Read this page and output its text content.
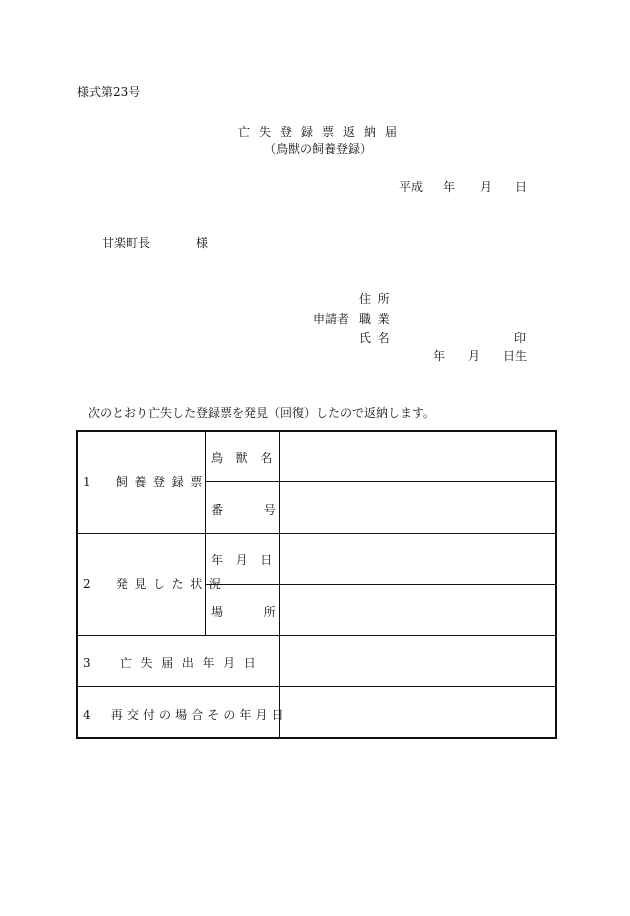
様式第23号
亡失登録票返納届
（鳥獣の飼養登録）
平成 年 月 日
甘楽町長	様
住所
申請者 職業
氏名	印
年 月 日生
次のとおり亡失した登録票を発見（回復）したので返納します。
1　飼養登録票
鳥獣名
番号
2　発見した状況
年月日
場所
3　亡失届出年月日
4　再交付の場合その年月日
